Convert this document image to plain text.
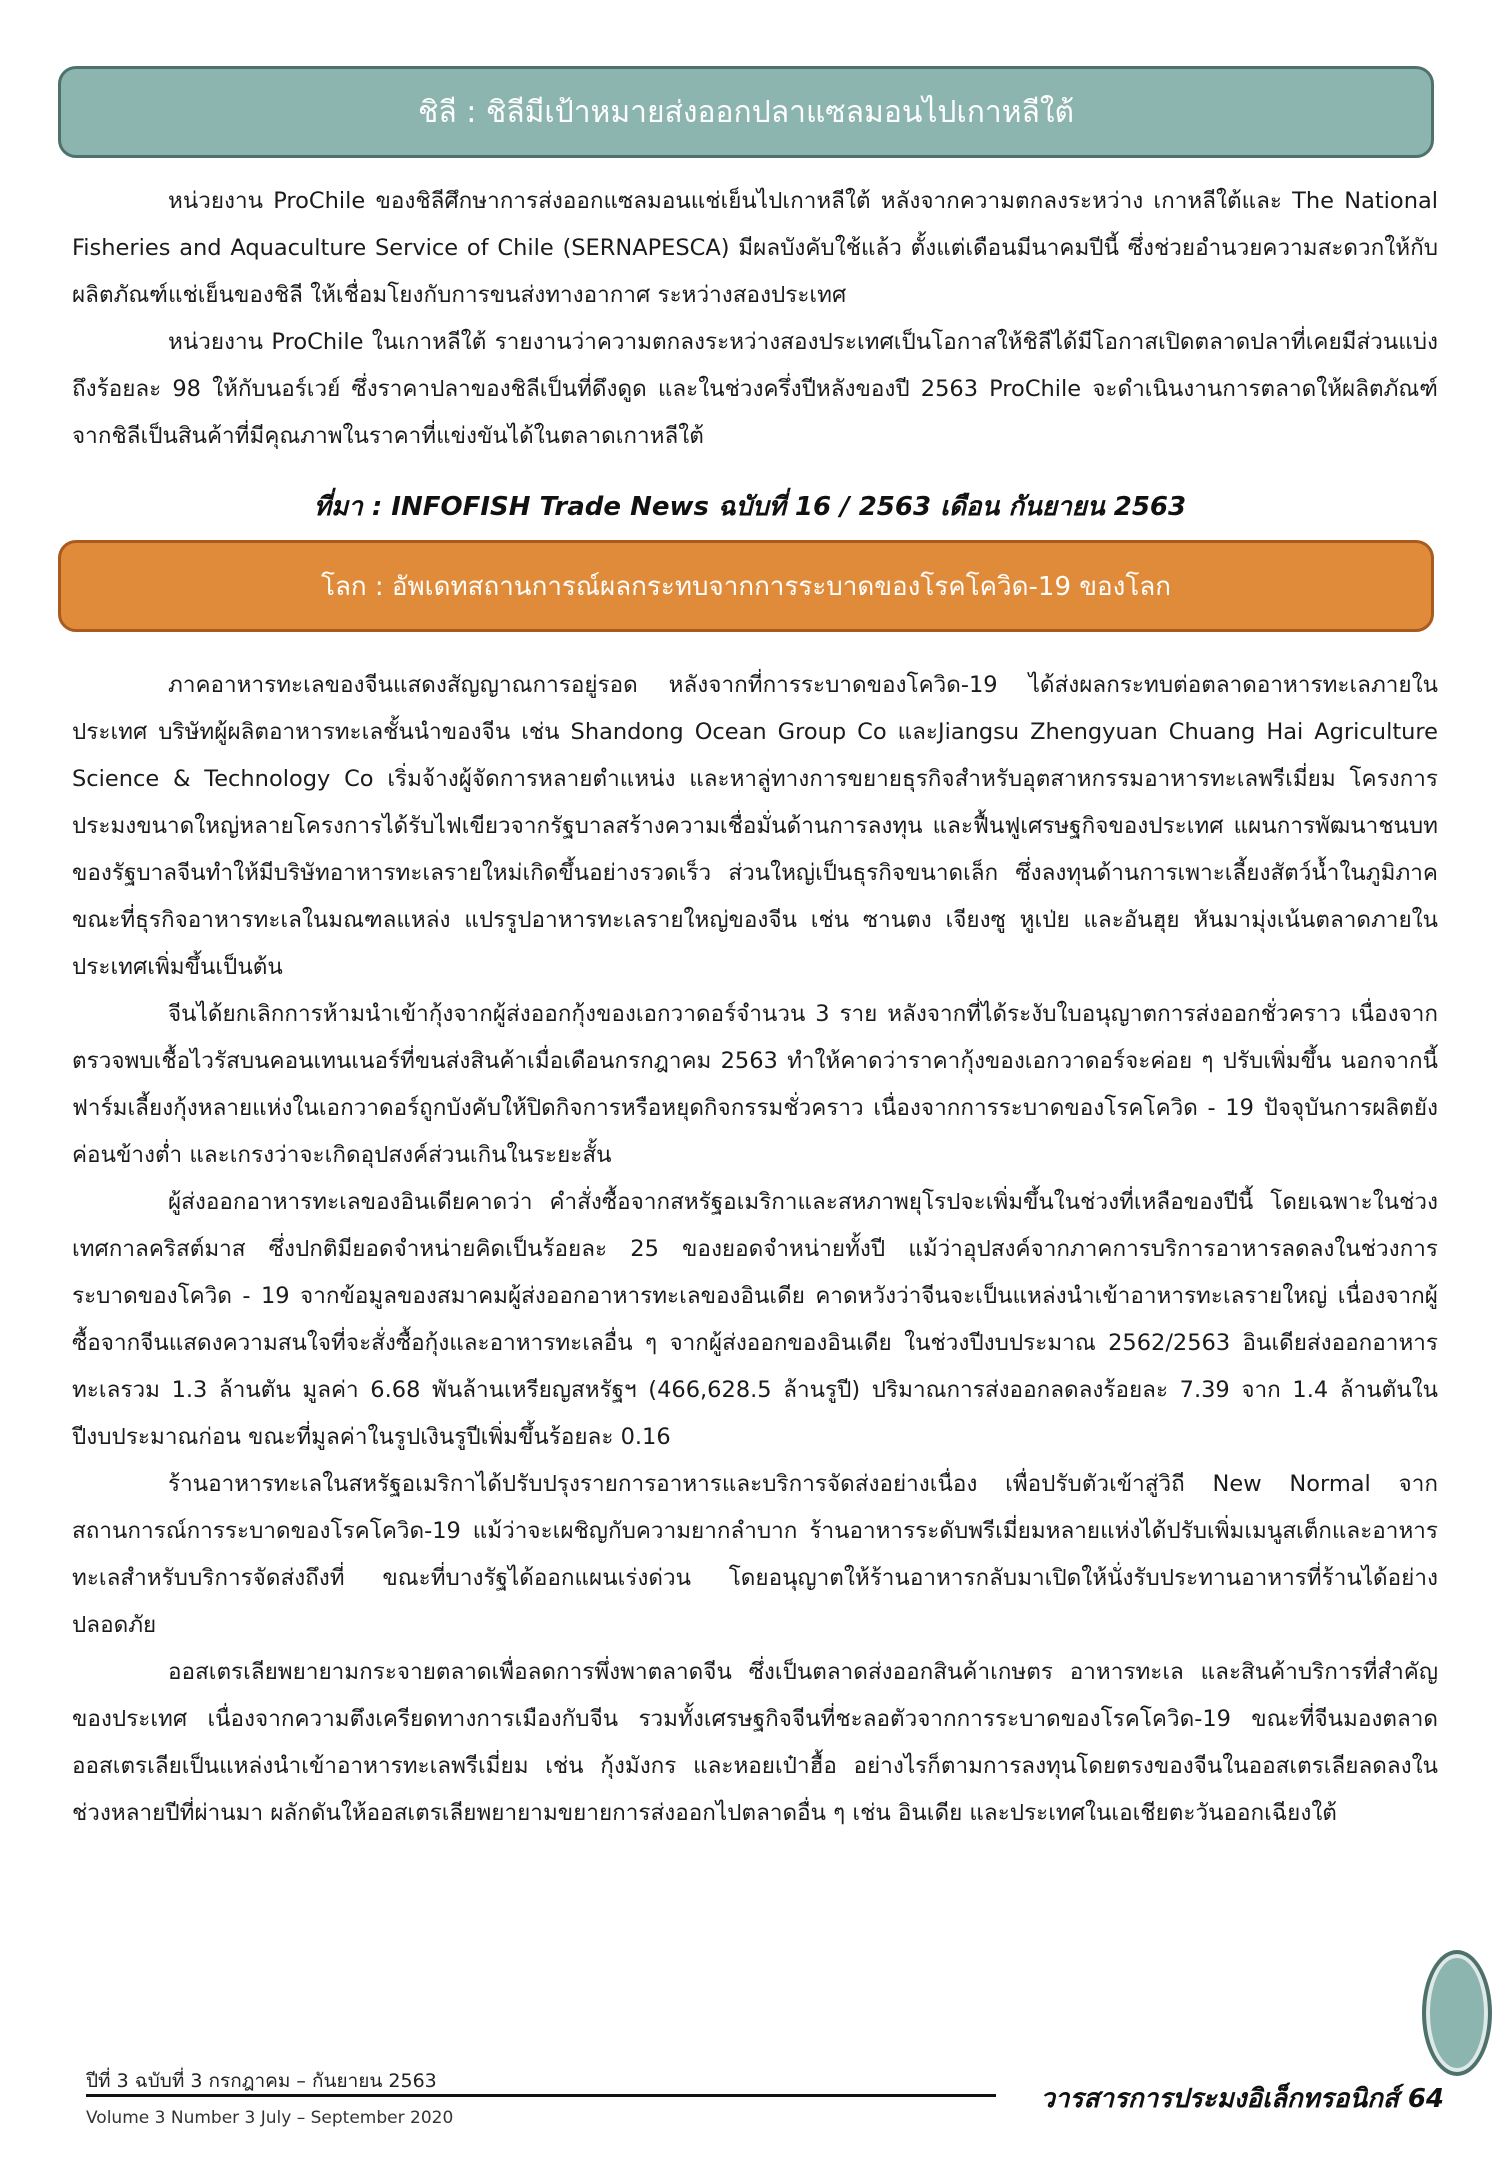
ชิลี : ชิลีมีเป้าหมายส่งออกปลาแซลมอนไปเกาหลีใต้

หน่วยงาน ProChile ของชิลีศึกษาการส่งออกแซลมอนแช่เย็นไปเกาหลีใต้ หลังจากความตกลงระหว่าง เกาหลีใต้และ The National Fisheries and Aquaculture Service of Chile (SERNAPESCA) มีผลบังคับใช้แล้ว ตั้งแต่เดือนมีนาคมปีนี้ ซึ่งช่วยอำนวยความสะดวกให้กับผลิตภัณฑ์แช่เย็นของชิลี ให้เชื่อมโยงกับการขนส่งทางอากาศ ระหว่างสองประเทศ

หน่วยงาน ProChile ในเกาหลีใต้ รายงานว่าความตกลงระหว่างสองประเทศเป็นโอกาสให้ชิลีได้มีโอกาสเปิดตลาดปลาที่เคยมีส่วนแบ่งถึงร้อยละ 98 ให้กับนอร์เวย์ ซึ่งราคาปลาของชิลีเป็นที่ดึงดูด และในช่วงครึ่งปีหลังของปี 2563 ProChile จะดำเนินงานการตลาดให้ผลิตภัณฑ์จากชิลีเป็นสินค้าที่มีคุณภาพในราคาที่แข่งขันได้ในตลาดเกาหลีใต้

ที่มา : INFOFISH Trade News ฉบับที่ 16 / 2563 เดือน กันยายน 2563

โลก : อัพเดทสถานการณ์ผลกระทบจากการระบาดของโรคโควิด-19 ของโลก

ภาคอาหารทะเลของจีนแสดงสัญญาณการอยู่รอด หลังจากที่การระบาดของโควิด-19 ได้ส่งผลกระทบต่อตลาดอาหารทะเลภายในประเทศ บริษัทผู้ผลิตอาหารทะเลชั้นนำของจีน เช่น Shandong Ocean Group Co และJiangsu Zhengyuan Chuang Hai Agriculture Science & Technology Co เริ่มจ้างผู้จัดการหลายตำแหน่ง และหาลู่ทางการขยายธุรกิจสำหรับอุตสาหกรรมอาหารทะเลพรีเมี่ยม โครงการประมงขนาดใหญ่หลายโครงการได้รับไฟเขียวจากรัฐบาลสร้างความเชื่อมั่นด้านการลงทุน และฟื้นฟูเศรษฐกิจของประเทศ แผนการพัฒนาชนบทของรัฐบาลจีนทำให้มีบริษัทอาหารทะเลรายใหม่เกิดขึ้นอย่างรวดเร็ว ส่วนใหญ่เป็นธุรกิจขนาดเล็ก ซึ่งลงทุนด้านการเพาะเลี้ยงสัตว์น้ำในภูมิภาค ขณะที่ธุรกิจอาหารทะเลในมณฑลแหล่ง แปรรูปอาหารทะเลรายใหญ่ของจีน เช่น ซานตง เจียงซู หูเป่ย และอันฮุย หันมามุ่งเน้นตลาดภายในประเทศเพิ่มขึ้นเป็นต้น

จีนได้ยกเลิกการห้ามนำเข้ากุ้งจากผู้ส่งออกกุ้งของเอกวาดอร์จำนวน 3 ราย หลังจากที่ได้ระงับใบอนุญาตการส่งออกชั่วคราว เนื่องจากตรวจพบเชื้อไวรัสบนคอนเทนเนอร์ที่ขนส่งสินค้าเมื่อเดือนกรกฎาคม 2563 ทำให้คาดว่าราคากุ้งของเอกวาดอร์จะค่อย ๆ ปรับเพิ่มขึ้น นอกจากนี้ ฟาร์มเลี้ยงกุ้งหลายแห่งในเอกวาดอร์ถูกบังคับให้ปิดกิจการหรือหยุดกิจกรรมชั่วคราว เนื่องจากการระบาดของโรคโควิด - 19 ปัจจุบันการผลิตยังค่อนข้างต่ำ และเกรงว่าจะเกิดอุปสงค์ส่วนเกินในระยะสั้น

ผู้ส่งออกอาหารทะเลของอินเดียคาดว่า คำสั่งซื้อจากสหรัฐอเมริกาและสหภาพยุโรปจะเพิ่มขึ้นในช่วงที่เหลือของปีนี้ โดยเฉพาะในช่วงเทศกาลคริสต์มาส ซึ่งปกติมียอดจำหน่ายคิดเป็นร้อยละ 25 ของยอดจำหน่ายทั้งปี แม้ว่าอุปสงค์จากภาคการบริการอาหารลดลงในช่วงการระบาดของโควิด - 19 จากข้อมูลของสมาคมผู้ส่งออกอาหารทะเลของอินเดีย คาดหวังว่าจีนจะเป็นแหล่งนำเข้าอาหารทะเลรายใหญ่ เนื่องจากผู้ซื้อจากจีนแสดงความสนใจที่จะสั่งซื้อกุ้งและอาหารทะเลอื่น ๆ จากผู้ส่งออกของอินเดีย ในช่วงปีงบประมาณ 2562/2563 อินเดียส่งออกอาหารทะเลรวม 1.3 ล้านตัน มูลค่า 6.68 พันล้านเหรียญสหรัฐฯ (466,628.5 ล้านรูปี) ปริมาณการส่งออกลดลงร้อยละ 7.39 จาก 1.4 ล้านตันในปีงบประมาณก่อน ขณะที่มูลค่าในรูปเงินรูปีเพิ่มขึ้นร้อยละ 0.16

ร้านอาหารทะเลในสหรัฐอเมริกาได้ปรับปรุงรายการอาหารและบริการจัดส่งอย่างเนื่อง เพื่อปรับตัวเข้าสู่วิถี New Normal จากสถานการณ์การระบาดของโรคโควิด-19 แม้ว่าจะเผชิญกับความยากลำบาก ร้านอาหารระดับพรีเมี่ยมหลายแห่งได้ปรับเพิ่มเมนูสเต็กและอาหารทะเลสำหรับบริการจัดส่งถึงที่ ขณะที่บางรัฐได้ออกแผนเร่งด่วน โดยอนุญาตให้ร้านอาหารกลับมาเปิดให้นั่งรับประทานอาหารที่ร้านได้อย่างปลอดภัย

ออสเตรเลียพยายามกระจายตลาดเพื่อลดการพึ่งพาตลาดจีน ซึ่งเป็นตลาดส่งออกสินค้าเกษตร อาหารทะเล และสินค้าบริการที่สำคัญของประเทศ เนื่องจากความตึงเครียดทางการเมืองกับจีน รวมทั้งเศรษฐกิจจีนที่ชะลอตัวจากการระบาดของโรคโควิด-19 ขณะที่จีนมองตลาดออสเตรเลียเป็นแหล่งนำเข้าอาหารทะเลพรีเมี่ยม เช่น กุ้งมังกร และหอยเป๋าฮื้อ อย่างไรก็ตามการลงทุนโดยตรงของจีนในออสเตรเลียลดลงในช่วงหลายปีที่ผ่านมา ผลักดันให้ออสเตรเลียพยายามขยายการส่งออกไปตลาดอื่น ๆ เช่น อินเดีย และประเทศในเอเชียตะวันออกเฉียงใต้

ปีที่ 3 ฉบับที่ 3 กรกฎาคม – กันยายน 2563
Volume 3 Number 3 July – September 2020
วารสารการประมงอิเล็กทรอนิกส์ 64
